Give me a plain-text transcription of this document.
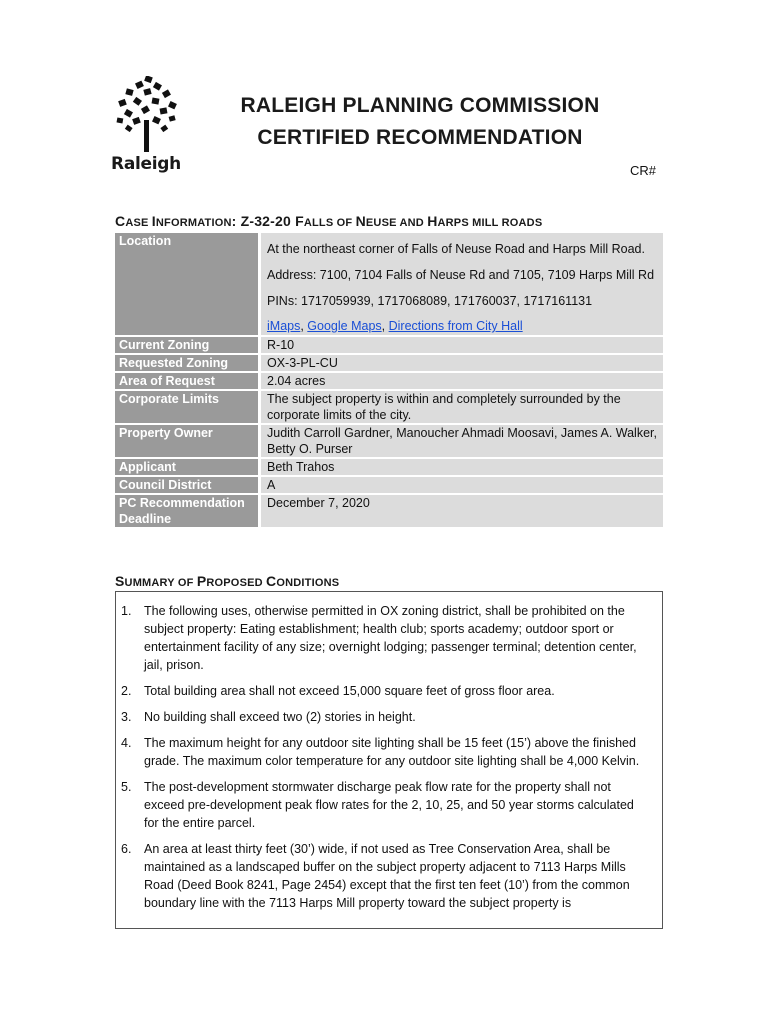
Raleigh
RALEIGH PLANNING COMMISSION
CERTIFIED RECOMMENDATION
CR#
CASE INFORMATION: Z-32-20 FALLS OF NEUSE AND HARPS MILL ROADS
Location

At the northeast corner of Falls of Neuse Road and Harps Mill Road.

Address: 7100, 7104 Falls of Neuse Rd and 7105, 7109 Harps Mill Rd

PINs: 1717059939, 1717068089, 171760037, 1717161131

iMaps, Google Maps, Directions from City Hall

Current Zoning	R-10
Requested Zoning	OX-3-PL-CU
Area of Request	2.04 acres
Corporate Limits	The subject property is within and completely surrounded by the corporate limits of the city.
Property Owner	Judith Carroll Gardner, Manoucher Ahmadi Moosavi, James A. Walker, Betty O. Purser
Applicant	Beth Trahos
Council District	A
PC Recommendation Deadline
December 7, 2020
SUMMARY OF PROPOSED CONDITIONS
1. The following uses, otherwise permitted in OX zoning district, shall be prohibited on the subject property: Eating establishment; health club; sports academy; outdoor sport or entertainment facility of any size; overnight lodging; passenger terminal; detention center, jail, prison.
2. Total building area shall not exceed 15,000 square feet of gross floor area.
3. No building shall exceed two (2) stories in height.
4. The maximum height for any outdoor site lighting shall be 15 feet (15’) above the finished grade. The maximum color temperature for any outdoor site lighting shall be 4,000 Kelvin.
5. The post-development stormwater discharge peak flow rate for the property shall not exceed pre-development peak flow rates for the 2, 10, 25, and 50 year storms calculated for the entire parcel.
6. An area at least thirty feet (30’) wide, if not used as Tree Conservation Area, shall be maintained as a landscaped buffer on the subject property adjacent to 7113 Harps Mills Road (Deed Book 8241, Page 2454) except that the first ten feet (10’) from the common boundary line with the 7113 Harps Mill property toward the subject property is
